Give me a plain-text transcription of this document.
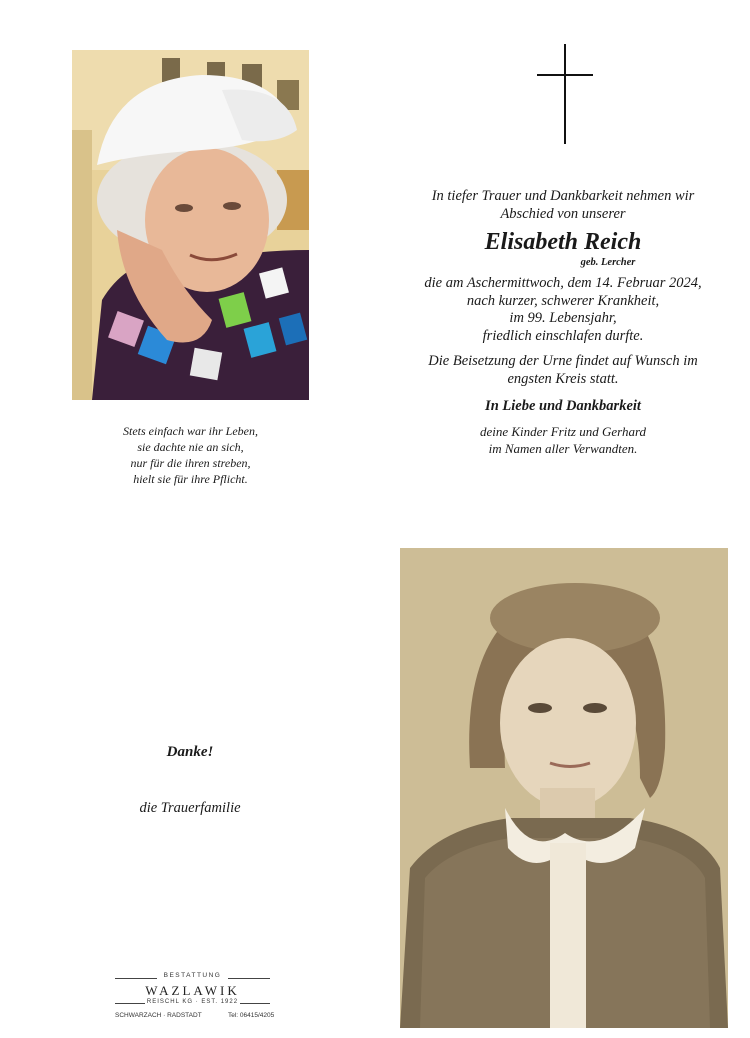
Stets einfach war ihr Leben,
sie dachte nie an sich,
nur für die ihren streben,
hielt sie für ihre Pflicht.
In tiefer Trauer und Dankbarkeit nehmen wir
Abschied von unserer
Elisabeth Reich
geb. Lercher
die am Aschermittwoch, dem 14. Februar 2024,
nach kurzer, schwerer Krankheit,
im 99. Lebensjahr,
friedlich einschlafen durfte.
Die Beisetzung der Urne findet auf Wunsch im
engsten Kreis statt.
In Liebe und Dankbarkeit
deine Kinder Fritz und Gerhard
im Namen aller Verwandten.
Danke!
die Trauerfamilie
BESTATTUNG
WAZLAWIK
REISCHL KG · EST. 1922
SCHWARZACH · RADSTADT	Tel: 06415/4205
